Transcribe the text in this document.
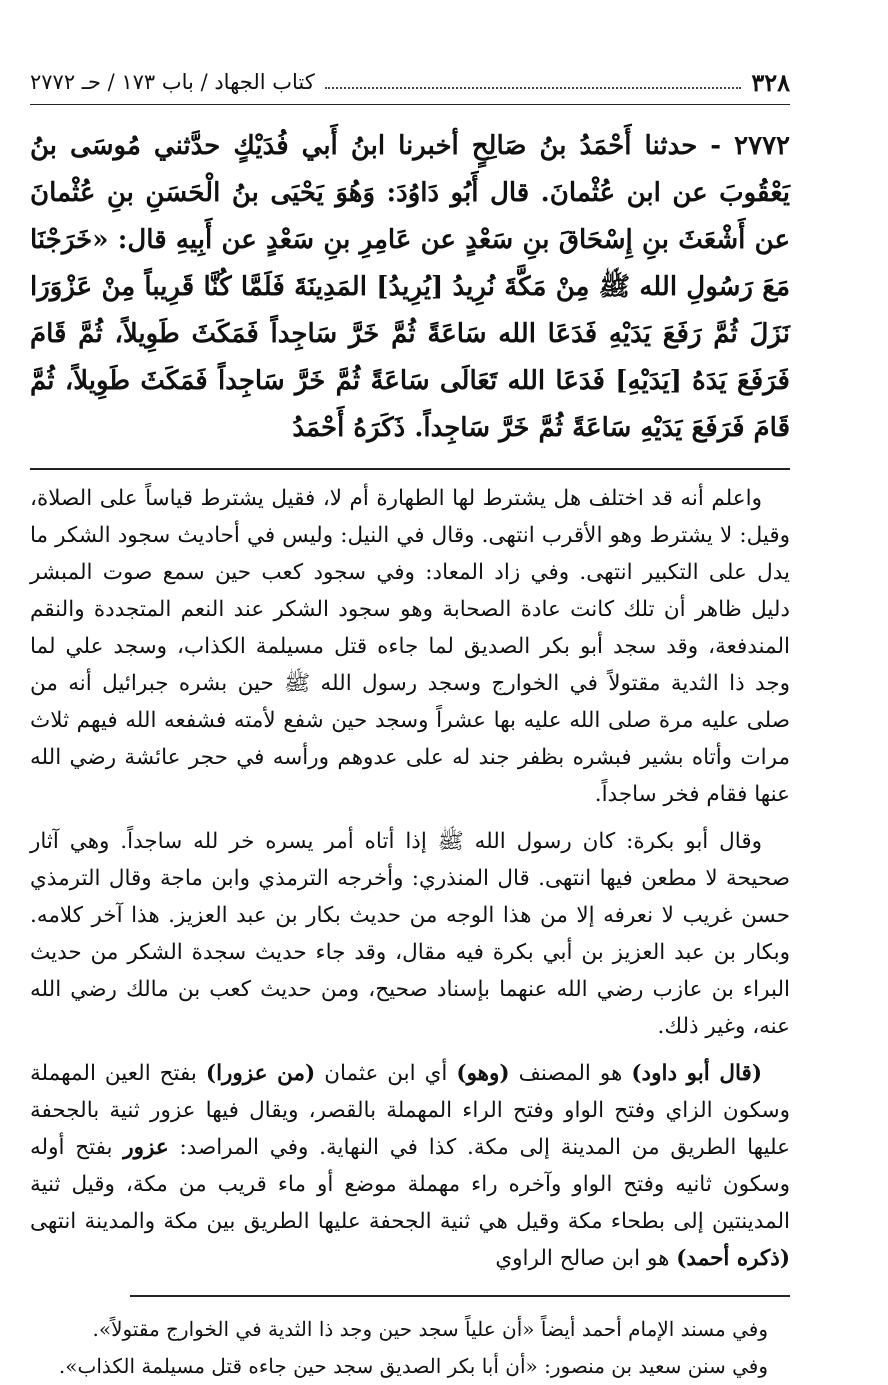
٣٢٨
كتاب الجهاد / باب ١٧٣ / حـ ٢٧٧٢
٢٧٧٢ - حدثنا أَحْمَدُ بنُ صَالِحٍ أخبرنا ابنُ أَبي فُدَيْكٍ حدَّثني مُوسَى بنُ يَعْقُوبَ عن ابن عُثْمانَ. قال أَبُو دَاوُدَ: وَهُوَ يَحْيَى بنُ الْحَسَنِ بنِ عُثْمانَ عن أَشْعَثَ بنِ إِسْحَاقَ بنِ سَعْدٍ عن عَامِرِ بنِ سَعْدٍ عن أَبِيهِ قال: «خَرَجْنَا مَعَ رَسُولِ الله ﷺ مِنْ مَكَّةَ نُرِيدُ [يُرِيدُ] المَدِينَةَ فَلَمَّا كُنَّا قَرِيباً مِنْ عَزْوَرَا نَزَلَ ثُمَّ رَفَعَ يَدَيْهِ فَدَعَا الله سَاعَةً ثُمَّ خَرَّ سَاجِداً فَمَكَثَ طَوِيلاً، ثُمَّ قَامَ فَرَفَعَ يَدَهُ [يَدَيْهِ] فَدَعَا الله تَعَالَى سَاعَةً ثُمَّ خَرَّ سَاجِداً فَمَكَثَ طَوِيلاً، ثُمَّ قَامَ فَرَفَعَ يَدَيْهِ سَاعَةً ثُمَّ خَرَّ سَاجِداً. ذَكَرَهُ أَحْمَدُ

واعلم أنه قد اختلف هل يشترط لها الطهارة أم لا، فقيل يشترط قياساً على الصلاة، وقيل: لا يشترط وهو الأقرب انتهى. وقال في النيل: وليس في أحاديث سجود الشكر ما يدل على التكبير انتهى. وفي زاد المعاد: وفي سجود كعب حين سمع صوت المبشر دليل ظاهر أن تلك كانت عادة الصحابة وهو سجود الشكر عند النعم المتجددة والنقم المندفعة، وقد سجد أبو بكر الصديق لما جاءه قتل مسيلمة الكذاب، وسجد علي لما وجد ذا الثدية مقتولاً في الخوارج وسجد رسول الله ﷺ حين بشره جبرائيل أنه من صلى عليه مرة صلى الله عليه بها عشراً وسجد حين شفع لأمته فشفعه الله فيهم ثلاث مرات وأتاه بشير فبشره بظفر جند له على عدوهم ورأسه في حجر عائشة رضي الله عنها فقام فخر ساجداً.

وقال أبو بكرة: كان رسول الله ﷺ إذا أتاه أمر يسره خر لله ساجداً. وهي آثار صحيحة لا مطعن فيها انتهى. قال المنذري: وأخرجه الترمذي وابن ماجة وقال الترمذي حسن غريب لا نعرفه إلا من هذا الوجه من حديث بكار بن عبد العزيز. هذا آخر كلامه. وبكار بن عبد العزيز بن أبي بكرة فيه مقال، وقد جاء حديث سجدة الشكر من حديث البراء بن عازب رضي الله عنهما بإسناد صحيح، ومن حديث كعب بن مالك رضي الله عنه، وغير ذلك.

(قال أبو داود) هو المصنف (وهو) أي ابن عثمان (من عزورا) بفتح العين المهملة وسكون الزاي وفتح الواو وفتح الراء المهملة بالقصر، ويقال فيها عزور ثنية بالجحفة عليها الطريق من المدينة إلى مكة. كذا في النهاية. وفي المراصد: عزور بفتح أوله وسكون ثانيه وفتح الواو وآخره راء مهملة موضع أو ماء قريب من مكة، وقيل ثنية المدينتين إلى بطحاء مكة وقيل هي ثنية الجحفة عليها الطريق بين مكة والمدينة انتهى (ذكره أحمد) هو ابن صالح الراوي

وفي مسند الإمام أحمد أيضاً «أن علياً سجد حين وجد ذا الثدية في الخوارج مقتولاً».

وفي سنن سعيد بن منصور: «أن أبا بكر الصديق سجد حين جاءه قتل مسيلمة الكذاب».
